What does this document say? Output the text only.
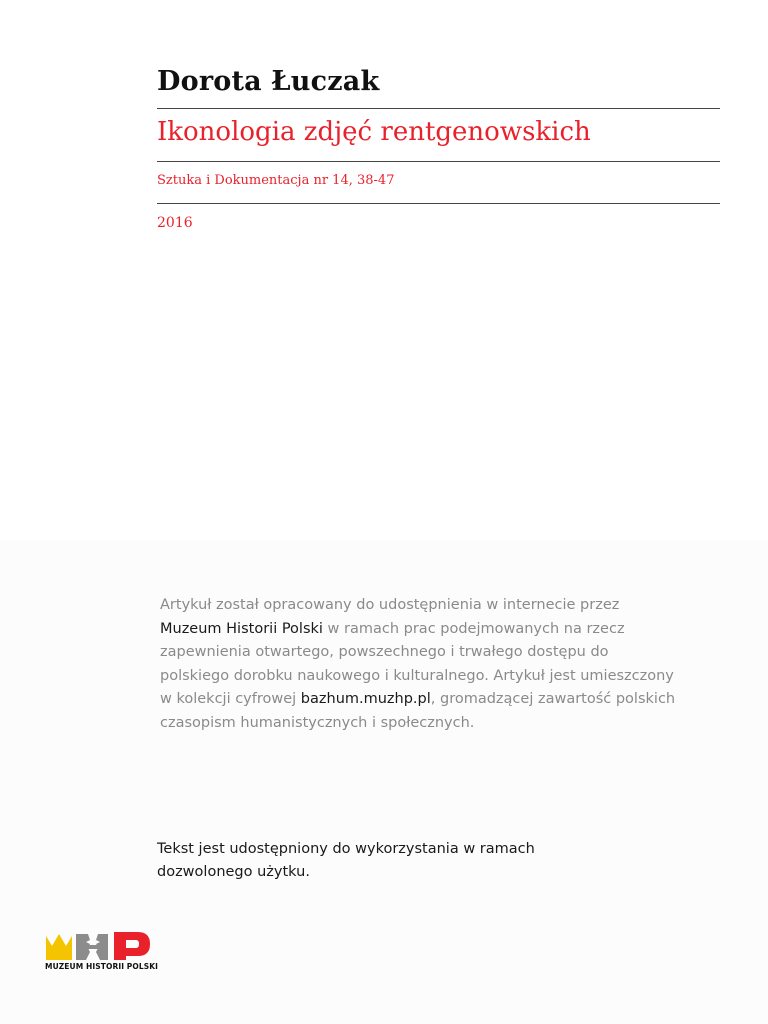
Dorota Łuczak
Ikonologia zdjęć rentgenowskich
Sztuka i Dokumentacja nr 14, 38-47
2016
Artykuł został opracowany do udostępnienia w internecie przez
Muzeum Historii Polski w ramach prac podejmowanych na rzecz
zapewnienia otwartego, powszechnego i trwałego dostępu do
polskiego dorobku naukowego i kulturalnego. Artykuł jest umieszczony
w kolekcji cyfrowej bazhum.muzhp.pl, gromadzącej zawartość polskich
czasopism humanistycznych i społecznych.
Tekst jest udostępniony do wykorzystania w ramach
dozwolonego użytku.
MUZEUM HISTORII POLSKI
